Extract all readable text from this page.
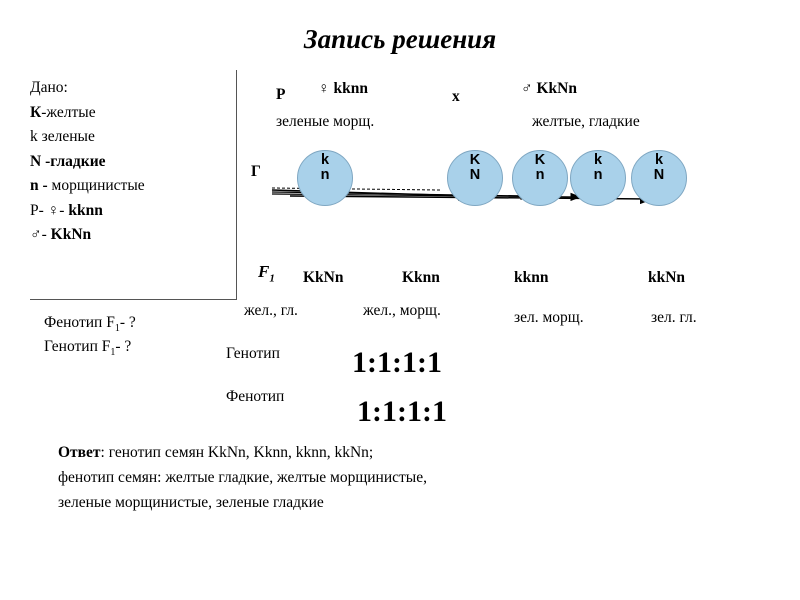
Запись решения
Дано:
К-желтые
k зеленые
N -гладкие
n - морщинистые
Р- ♀- kknn
♂- KkNn
Фенотип $F_1-$ ?
Генотип $F_1-$ ?
Р ♀ kknn	х	♂ KkNn
зеленые морщ.	желтые, гладкие
Г
k
n
K
N
K
n
k
n
k
N
$F_1$ KkNn	Kknn	kknn	kkNn
жел., гл.	жел., морщ.	зел. морщ.	зел. гл.
Генотип 1:1:1:1
Фенотип 1:1:1:1
Ответ: генотип семян KkNn, Kknn, kknn, kkNn;
фенотип семян: желтые гладкие, желтые морщинистые,
зеленые морщинистые, зеленые гладкие
